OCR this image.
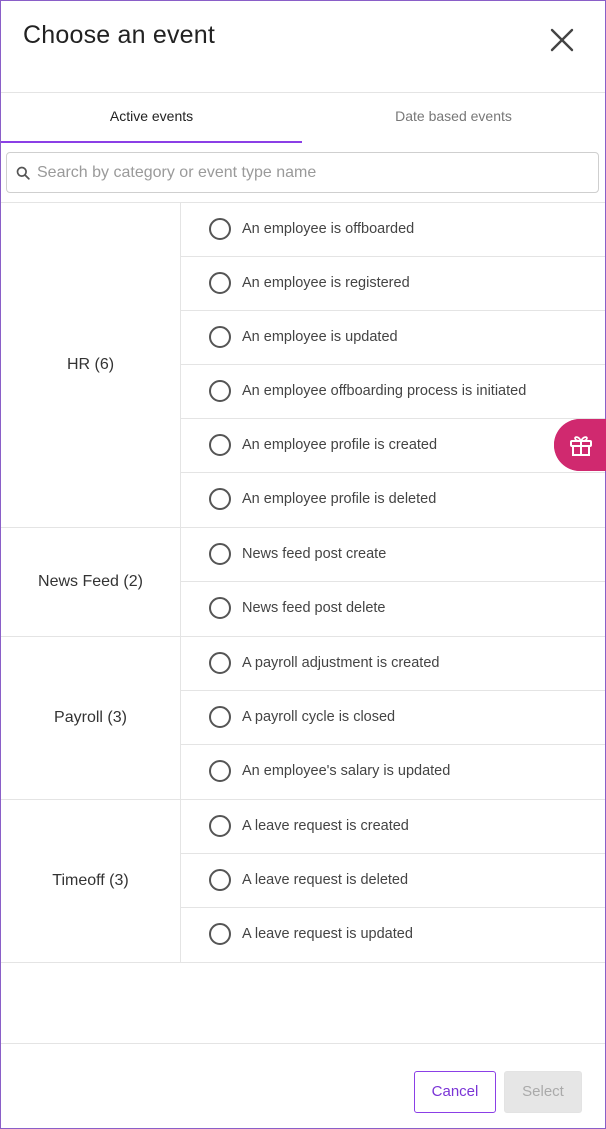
Choose an event
Active events	Date based events
Search by category or event type name
HR (6)
An employee is offboarded
An employee is registered
An employee is updated
An employee offboarding process is initiated
An employee profile is created
An employee profile is deleted
News Feed (2)
News feed post create
News feed post delete
Payroll (3)
A payroll adjustment is created
A payroll cycle is closed
An employee's salary is updated
Timeoff (3)
A leave request is created
A leave request is deleted
A leave request is updated
Cancel	Select
